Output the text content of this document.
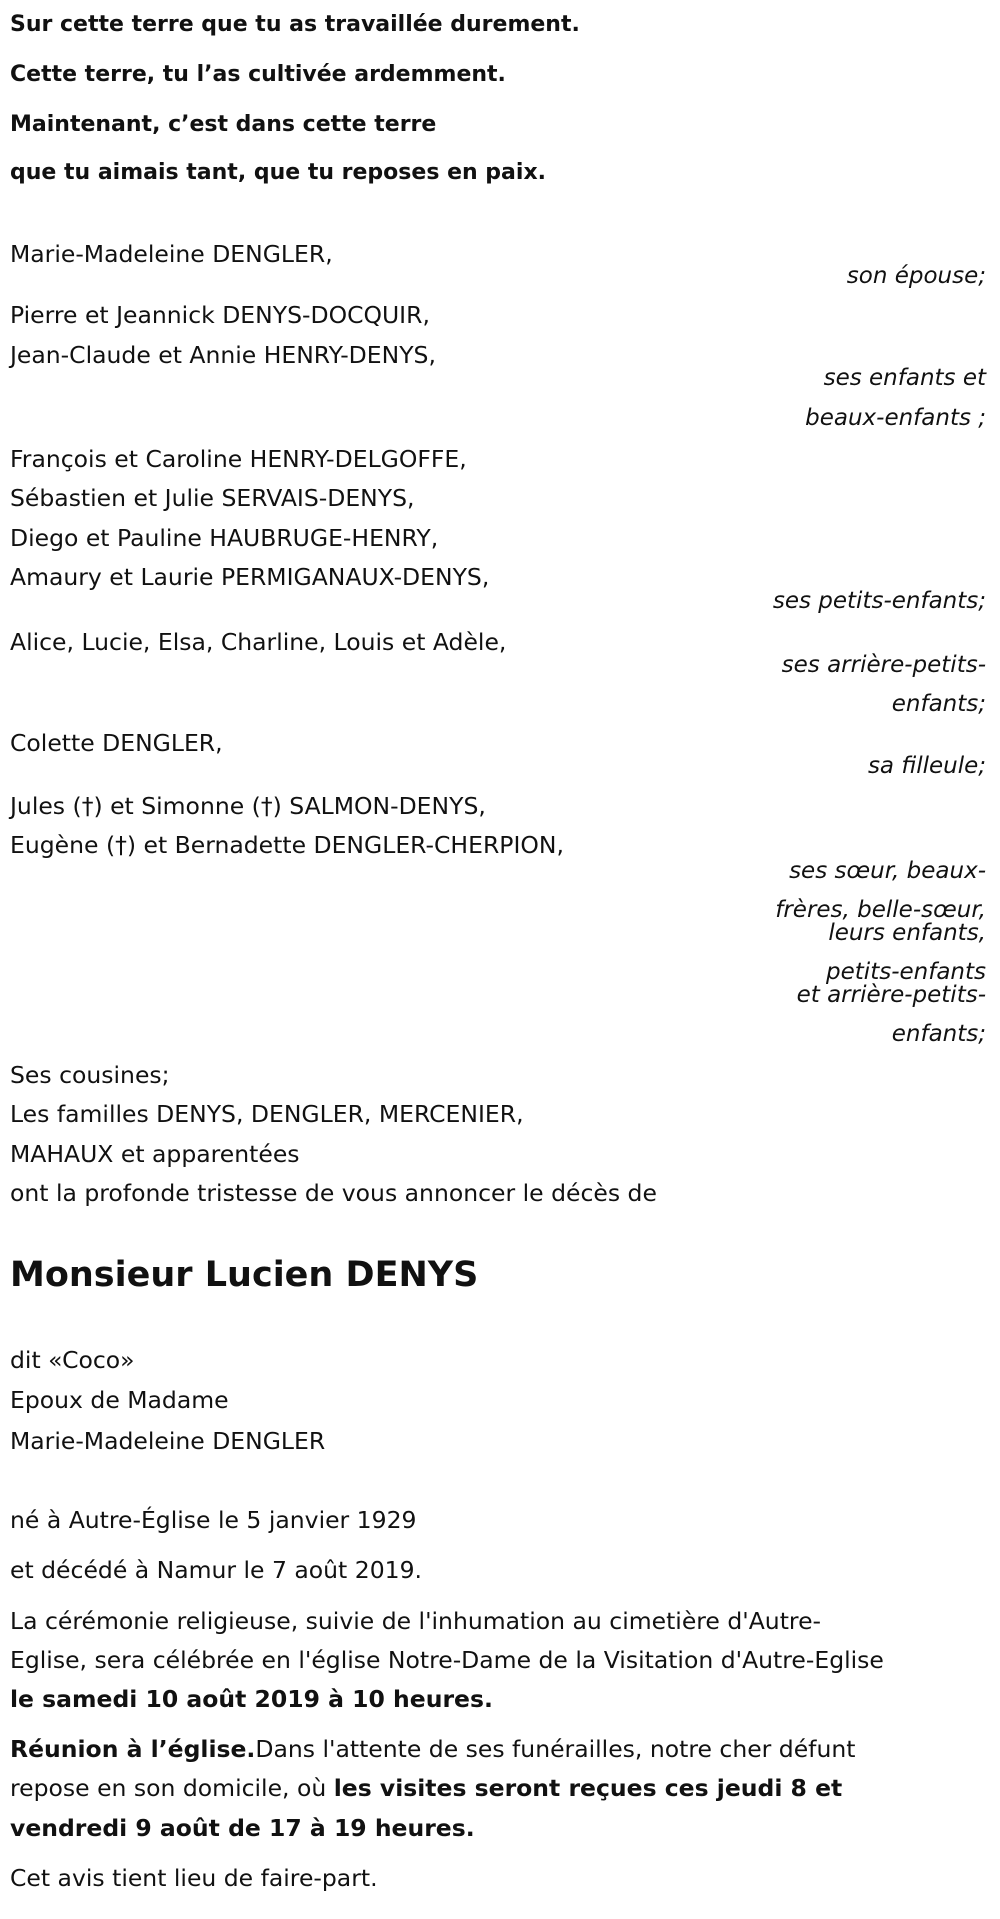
Sur cette terre que tu as travaillée durement.
Cette terre, tu l’as cultivée ardemment.
Maintenant, c’est dans cette terre
que tu aimais tant, que tu reposes en paix.
Marie-Madeleine DENGLER,
son épouse;
Pierre et Jeannick DENYS-DOCQUIR,
Jean-Claude et Annie HENRY-DENYS,
ses enfants et
beaux-enfants ;
François et Caroline HENRY-DELGOFFE,
Sébastien et Julie SERVAIS-DENYS,
Diego et Pauline HAUBRUGE-HENRY,
Amaury et Laurie PERMIGANAUX-DENYS,
ses petits-enfants;
Alice, Lucie, Elsa, Charline, Louis et Adèle,
ses arrière-petits-
enfants;
Colette DENGLER,
sa filleule;
Jules (†) et Simonne (†) SALMON-DENYS,
Eugène (†) et Bernadette DENGLER-CHERPION,
ses sœur, beaux-
frères, belle-sœur,
leurs enfants,
petits-enfants
et arrière-petits-
enfants;
Ses cousines;
Les familles DENYS, DENGLER, MERCENIER,
MAHAUX et apparentées
ont la profonde tristesse de vous annoncer le décès de
Monsieur Lucien DENYS
dit «Coco»
Epoux de Madame
Marie-Madeleine DENGLER
né à Autre-Église le 5 janvier 1929
et décédé à Namur le 7 août 2019.
La cérémonie religieuse, suivie de l'inhumation au cimetière d'Autre-
Eglise, sera célébrée en l'église Notre-Dame de la Visitation d'Autre-Eglise
le samedi 10 août 2019 à 10 heures.
Réunion à l’église.Dans l'attente de ses funérailles, notre cher défunt
repose en son domicile, où les visites seront reçues ces jeudi 8 et
vendredi 9 août de 17 à 19 heures.
Cet avis tient lieu de faire-part.
